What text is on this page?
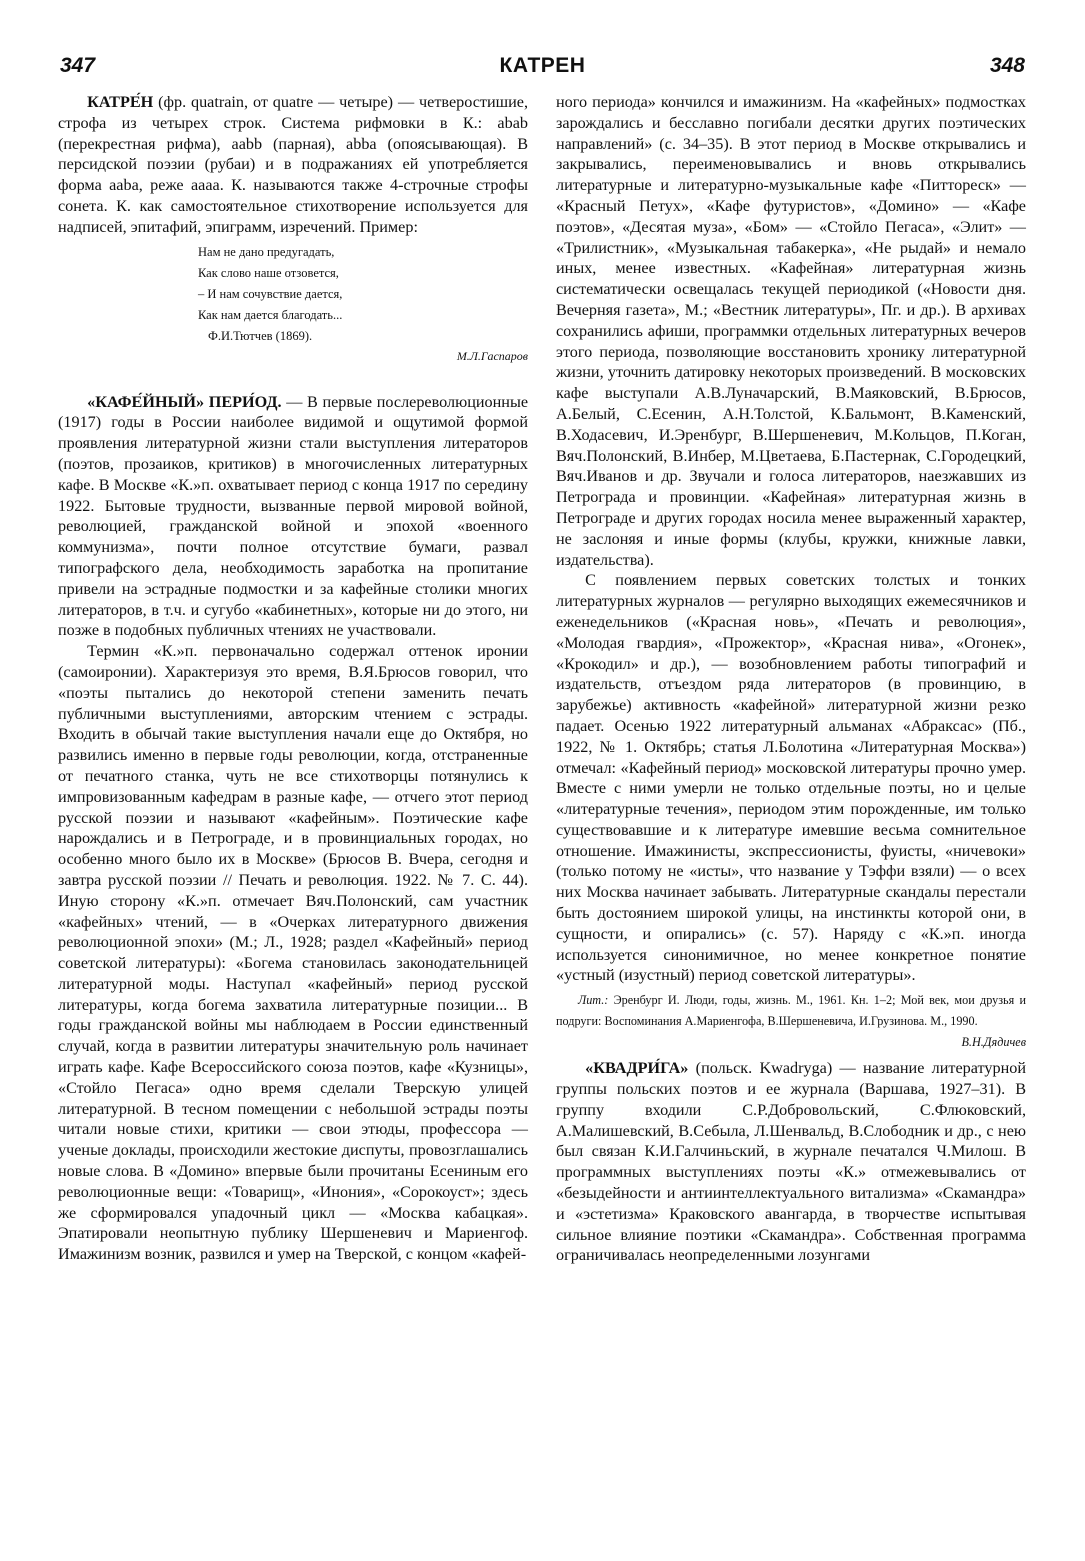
347	КАТРЕН	348

КАТРЕ́Н (фр. quatrain, от quatre — четыре) — четверостишие, строфа из четырех строк. Система рифмовки в К.: abab (перекрестная рифма), aabb (парная), abba (опоясывающая). В персидской поэзии (рубаи) и в подражаниях ей употребляется форма aaba, реже aaaa. К. называются также 4-строчные строфы сонета. К. как самостоятельное стихотворение используется для надписей, эпитафий, эпиграмм, изречений. Пример:

Нам не дано предугадать,
Как слово наше отзовется,
– И нам сочувствие дается,
Как нам дается благодать...
Ф.И.Тютчев (1869).
М.Л.Гаспаров

«КАФЕ́ЙНЫЙ» ПЕРИ́ОД. — В первые послереволюционные (1917) годы в России наиболее видимой и ощутимой формой проявления литературной жизни стали выступления литераторов (поэтов, прозаиков, критиков) в многочисленных литературных кафе. В Москве «К.»п. охватывает период с конца 1917 по середину 1922. Бытовые трудности, вызванные первой мировой войной, революцией, гражданской войной и эпохой «военного коммунизма», почти полное отсутствие бумаги, развал типографского дела, необходимость заработка на пропитание привели на эстрадные подмостки и за кафейные столики многих литераторов, в т.ч. и сугубо «кабинетных», которые ни до этого, ни позже в подобных публичных чтениях не участвовали.

Термин «К.»п. первоначально содержал оттенок иронии (самоиронии). Характеризуя это время, В.Я.Брюсов говорил, что «поэты пытались до некоторой степени заменить печать публичными выступлениями, авторским чтением с эстрады. Входить в обычай такие выступления начали еще до Октября, но развились именно в первые годы революции, когда, отстраненные от печатного станка, чуть не все стихотворцы потянулись к импровизованным кафедрам в разные кафе, — отчего этот период русской поэзии и называют «кафейным». Поэтические кафе нарождались и в Петрограде, и в провинциальных городах, но особенно много было их в Москве» (Брюсов В. Вчера, сегодня и завтра русской поэзии // Печать и революция. 1922. № 7. С. 44). Иную сторону «К.»п. отмечает Вяч.Полонский, сам участник «кафейных» чтений, — в «Очерках литературного движения революционной эпохи» (М.; Л., 1928; раздел «Кафейный» период советской литературы): «Богема становилась законодательницей литературной моды. Наступал «кафейный» период русской литературы, когда богема захватила литературные позиции... В годы гражданской войны мы наблюдаем в России единственный случай, когда в развитии литературы значительную роль начинает играть кафе. Кафе Всероссийского союза поэтов, кафе «Кузницы», «Стойло Пегаса» одно время сделали Тверскую улицей литературной. В тесном помещении с небольшой эстрады поэты читали новые стихи, критики — свои этюды, профессора — ученые доклады, происходили жестокие диспуты, провозглашались новые слова. В «Домино» впервые были прочитаны Есениным его революционные вещи: «Товарищ», «Инония», «Сорокоуст»; здесь же сформировался упадочный цикл — «Москва кабацкая». Эпатировали неопытную публику Шершеневич и Мариенгоф. Имажинизм возник, развился и умер на Тверской, с концом «кафей-

ного периода» кончился и имажинизм. На «кафейных» подмостках зарождались и бесславно погибали десятки других поэтических направлений» (с. 34–35). В этот период в Москве открывались и закрывались, переименовывались и вновь открывались литературные и литературно-музыкальные кафе «Питтореск» — «Красный Петух», «Кафе футуристов», «Домино» — «Кафе поэтов», «Десятая муза», «Бом» — «Стойло Пегаса», «Элит» — «Трилистник», «Музыкальная табакерка», «Не рыдай» и немало иных, менее известных. «Кафейная» литературная жизнь систематически освещалась текущей периодикой («Новости дня. Вечерняя газета», М.; «Вестник литературы», Пг. и др.). В архивах сохранились афиши, программки отдельных литературных вечеров этого периода, позволяющие восстановить хронику литературной жизни, уточнить датировку некоторых произведений. В московских кафе выступали А.В.Луначарский, В.Маяковский, В.Брюсов, А.Белый, С.Есенин, А.Н.Толстой, К.Бальмонт, В.Каменский, В.Ходасевич, И.Эренбург, В.Шершеневич, М.Кольцов, П.Коган, Вяч.Полонский, В.Инбер, М.Цветаева, Б.Пастернак, С.Городецкий, Вяч.Иванов и др. Звучали и голоса литераторов, наезжавших из Петрограда и провинции. «Кафейная» литературная жизнь в Петрограде и других городах носила менее выраженный характер, не заслоняя и иные формы (клубы, кружки, книжные лавки, издательства).

С появлением первых советских толстых и тонких литературных журналов — регулярно выходящих ежемесячников и еженедельников («Красная новь», «Печать и революция», «Молодая гвардия», «Прожектор», «Красная нива», «Огонек», «Крокодил» и др.), — возобновлением работы типографий и издательств, отъездом ряда литераторов (в провинцию, в зарубежье) активность «кафейной» литературной жизни резко падает. Осенью 1922 литературный альманах «Абраксас» (Пб., 1922, № 1. Октябрь; статья Л.Болотина «Литературная Москва») отмечал: «Кафейный период» московской литературы прочно умер. Вместе с ними умерли не только отдельные поэты, но и целые «литературные течения», периодом этим порожденные, им только существовавшие и к литературе имевшие весьма сомнительное отношение. Имажинисты, экспрессионисты, фуисты, «ничевоки» (только потому не «исты», что название у Тэффи взяли) — о всех них Москва начинает забывать. Литературные скандалы перестали быть достоянием широкой улицы, на инстинкты которой они, в сущности, и опирались» (с. 57). Наряду с «К.»п. иногда используется синонимичное, но менее конкретное понятие «устный (изустный) период советской литературы».

Лит.: Эренбург И. Люди, годы, жизнь. М., 1961. Кн. 1–2; Мой век, мои друзья и подруги: Воспоминания А.Мариенгофа, В.Шершеневича, И.Грузинова. М., 1990.
В.Н.Дядичев

«КВАДРИ́ГА» (польск. Kwadryga) — название литературной группы польских поэтов и ее журнала (Варшава, 1927–31). В группу входили С.Р.Добровольский, С.Флюковский, А.Малишевский, В.Себыла, Л.Шенвальд, В.Слободник и др., с нею был связан К.И.Галчиньский, в журнале печатался Ч.Милош. В программных выступлениях поэты «К.» отмежевывались от «безыдейности и антиинтеллектуального витализма» «Скамандра» и «эстетизма» Краковского авангарда, в творчестве испытывая сильное влияние поэтики «Скамандра». Собственная программа ограничивалась неопределенными лозунгами
